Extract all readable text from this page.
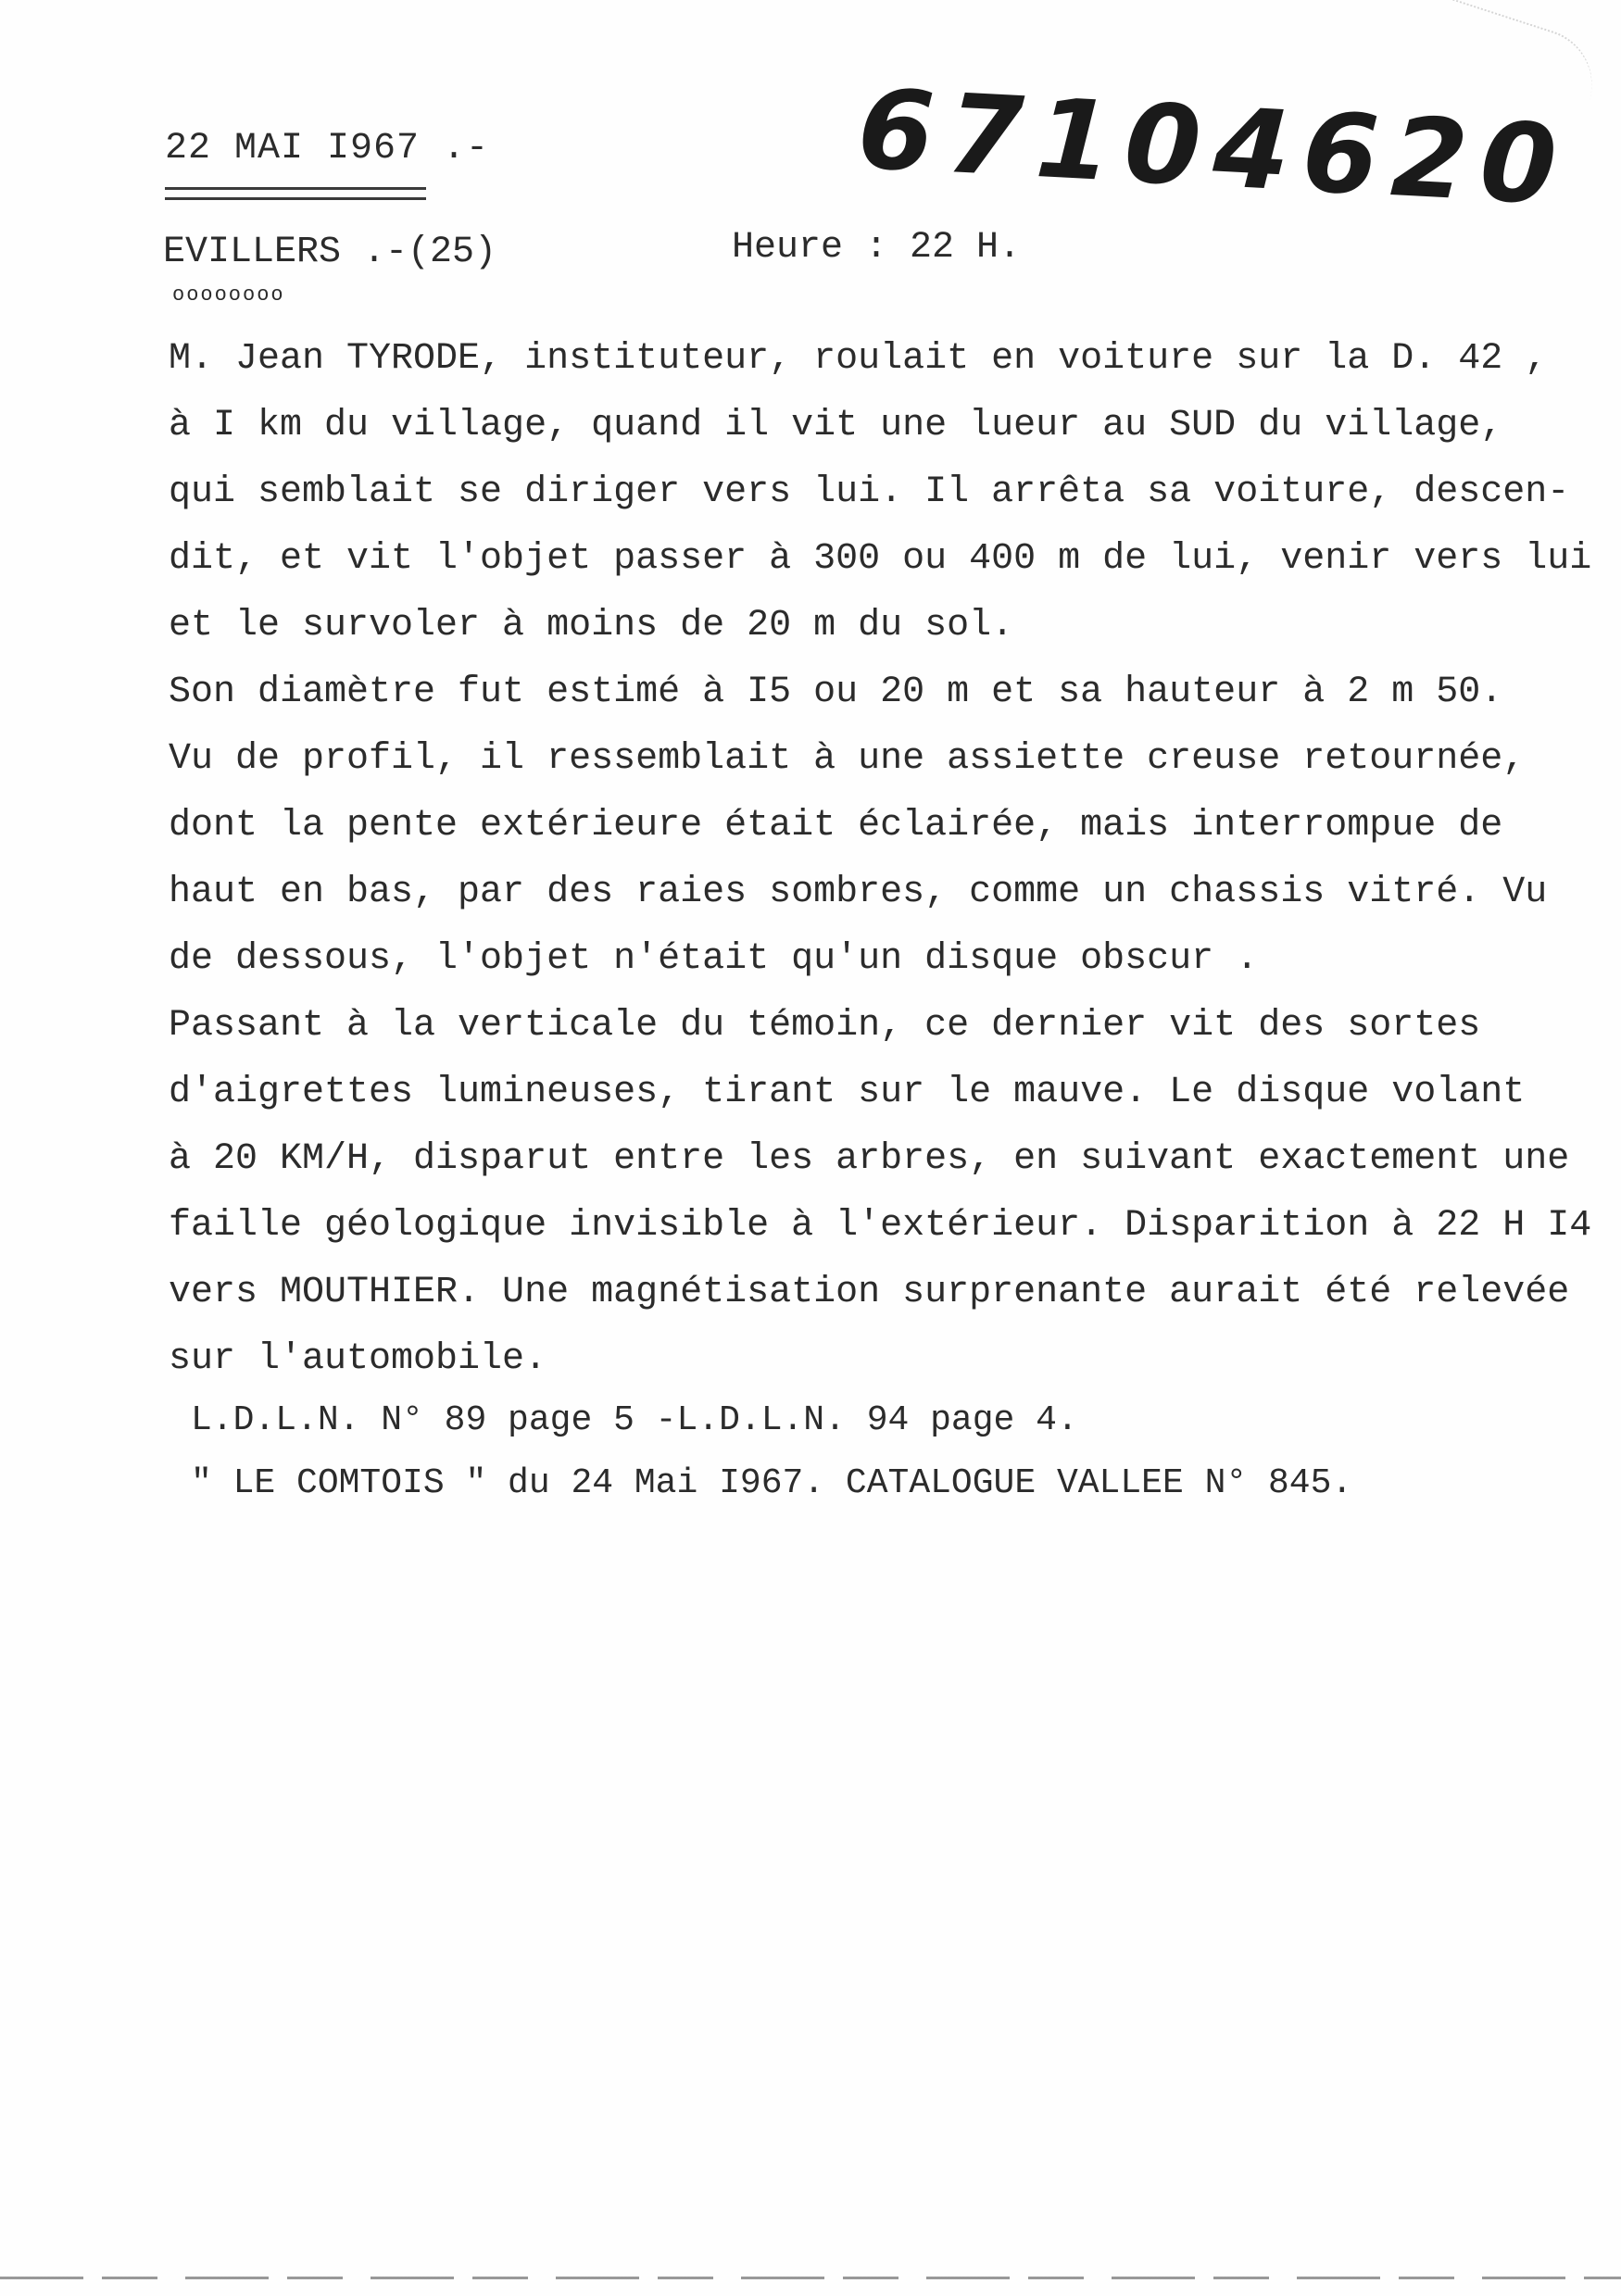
22 MAI I967 .-	67104620
EVILLERS .-(25)
oooooooo
Heure : 22 H.
M. Jean TYRODE, instituteur, roulait en voiture sur la D. 42 ,
à I km du village, quand il vit une lueur au SUD du village,
qui semblait se diriger vers lui. Il arrêta sa voiture, descen-
dit, et vit l'objet passer à 300 ou 400 m de lui, venir vers lui
et le survoler à moins de 20 m du sol.
Son diamètre fut estimé à I5 ou 20 m et sa hauteur à 2 m 50.
Vu de profil, il ressemblait à une assiette creuse retournée,
dont la pente extérieure était éclairée, mais interrompue de
haut en bas, par des raies sombres, comme un chassis vitré. Vu
de dessous, l'objet n'était qu'un disque obscur .
Passant à la verticale du témoin, ce dernier vit des sortes
d'aigrettes lumineuses, tirant sur le mauve. Le disque volant
à 20 KM/H, disparut entre les arbres, en suivant exactement une
faille géologique invisible à l'extérieur. Disparition à 22 H I4
vers MOUTHIER. Une magnétisation surprenante aurait été relevée
sur l'automobile.
L.D.L.N. N° 89 page 5 -L.D.L.N. 94 page 4.
" LE COMTOIS " du 24 Mai I967. CATALOGUE VALLEE N° 845.
